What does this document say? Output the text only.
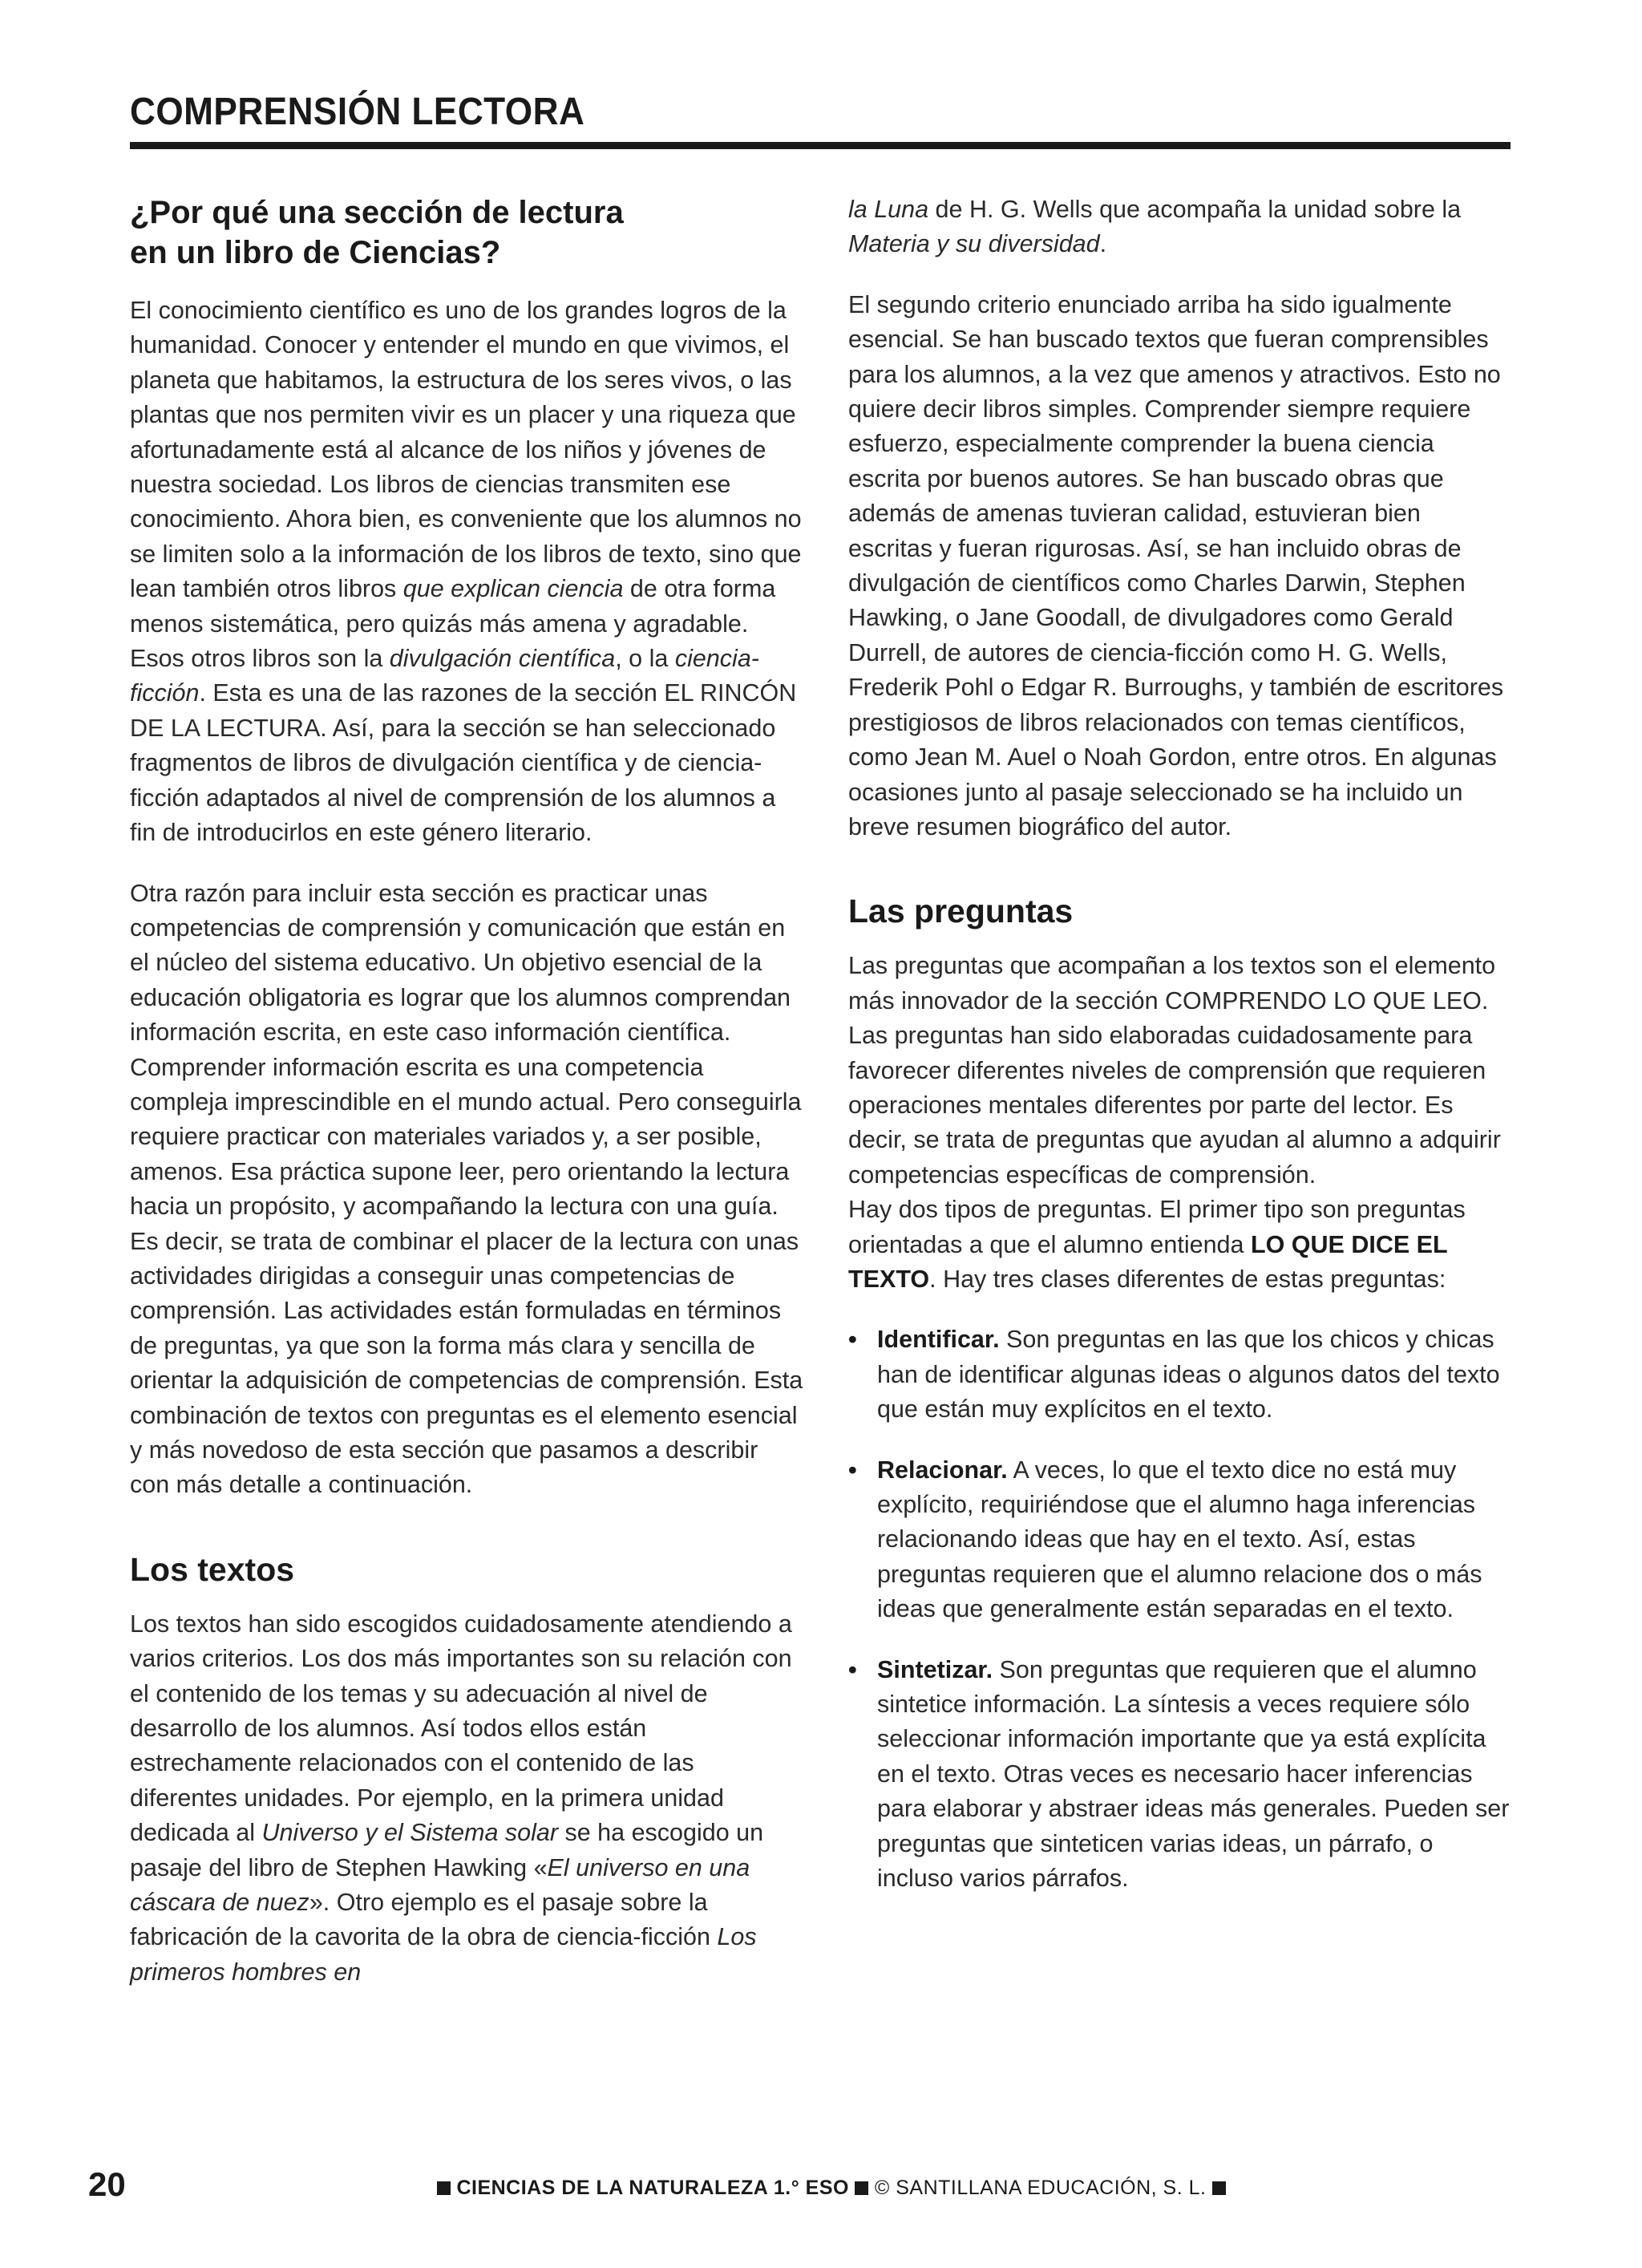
COMPRENSIÓN LECTORA
¿Por qué una sección de lectura
en un libro de Ciencias?

El conocimiento científico es uno de los grandes logros de la humanidad. Conocer y entender el mundo en que vivimos, el planeta que habitamos, la estructura de los seres vivos, o las plantas que nos permiten vivir es un placer y una riqueza que afortunadamente está al alcance de los niños y jóvenes de nuestra sociedad. Los libros de ciencias transmiten ese conocimiento. Ahora bien, es conveniente que los alumnos no se limiten solo a la información de los libros de texto, sino que lean también otros libros que explican ciencia de otra forma menos sistemática, pero quizás más amena y agradable. Esos otros libros son la divulgación científica, o la ciencia-ficción. Esta es una de las razones de la sección EL RINCÓN DE LA LECTURA. Así, para la sección se han seleccionado fragmentos de libros de divulgación científica y de ciencia-ficción adaptados al nivel de comprensión de los alumnos a fin de introducirlos en este género literario.

Otra razón para incluir esta sección es practicar unas competencias de comprensión y comunicación que están en el núcleo del sistema educativo. Un objetivo esencial de la educación obligatoria es lograr que los alumnos comprendan información escrita, en este caso información científica. Comprender información escrita es una competencia compleja imprescindible en el mundo actual. Pero conseguirla requiere practicar con materiales variados y, a ser posible, amenos. Esa práctica supone leer, pero orientando la lectura hacia un propósito, y acompañando la lectura con una guía. Es decir, se trata de combinar el placer de la lectura con unas actividades dirigidas a conseguir unas competencias de comprensión. Las actividades están formuladas en términos de preguntas, ya que son la forma más clara y sencilla de orientar la adquisición de competencias de comprensión. Esta combinación de textos con preguntas es el elemento esencial y más novedoso de esta sección que pasamos a describir con más detalle a continuación.

Los textos

Los textos han sido escogidos cuidadosamente atendiendo a varios criterios. Los dos más importantes son su relación con el contenido de los temas y su adecuación al nivel de desarrollo de los alumnos. Así todos ellos están estrechamente relacionados con el contenido de las diferentes unidades. Por ejemplo, en la primera unidad dedicada al Universo y el Sistema solar se ha escogido un pasaje del libro de Stephen Hawking «El universo en una cáscara de nuez». Otro ejemplo es el pasaje sobre la fabricación de la cavorita de la obra de ciencia-ficción Los primeros hombres en

la Luna de H. G. Wells que acompaña la unidad sobre la Materia y su diversidad.

El segundo criterio enunciado arriba ha sido igualmente esencial. Se han buscado textos que fueran comprensibles para los alumnos, a la vez que amenos y atractivos. Esto no quiere decir libros simples. Comprender siempre requiere esfuerzo, especialmente comprender la buena ciencia escrita por buenos autores. Se han buscado obras que además de amenas tuvieran calidad, estuvieran bien escritas y fueran rigurosas. Así, se han incluido obras de divulgación de científicos como Charles Darwin, Stephen Hawking, o Jane Goodall, de divulgadores como Gerald Durrell, de autores de ciencia-ficción como H. G. Wells, Frederik Pohl o Edgar R. Burroughs, y también de escritores prestigiosos de libros relacionados con temas científicos, como Jean M. Auel o Noah Gordon, entre otros. En algunas ocasiones junto al pasaje seleccionado se ha incluido un breve resumen biográfico del autor.

Las preguntas

Las preguntas que acompañan a los textos son el elemento más innovador de la sección COMPRENDO LO QUE LEO. Las preguntas han sido elaboradas cuidadosamente para favorecer diferentes niveles de comprensión que requieren operaciones mentales diferentes por parte del lector. Es decir, se trata de preguntas que ayudan al alumno a adquirir competencias específicas de comprensión.

Hay dos tipos de preguntas. El primer tipo son preguntas orientadas a que el alumno entienda LO QUE DICE EL TEXTO. Hay tres clases diferentes de estas preguntas:

• Identificar. Son preguntas en las que los chicos y chicas han de identificar algunas ideas o algunos datos del texto que están muy explícitos en el texto.
• Relacionar. A veces, lo que el texto dice no está muy explícito, requiriéndose que el alumno haga inferencias relacionando ideas que hay en el texto. Así, estas preguntas requieren que el alumno relacione dos o más ideas que generalmente están separadas en el texto.
• Sintetizar. Son preguntas que requieren que el alumno sintetice información. La síntesis a veces requiere sólo seleccionar información importante que ya está explícita en el texto. Otras veces es necesario hacer inferencias para elaborar y abstraer ideas más generales. Pueden ser preguntas que sinteticen varias ideas, un párrafo, o incluso varios párrafos.
20	CIENCIAS DE LA NATURALEZA 1.° ESO © SANTILLANA EDUCACIÓN, S. L.
